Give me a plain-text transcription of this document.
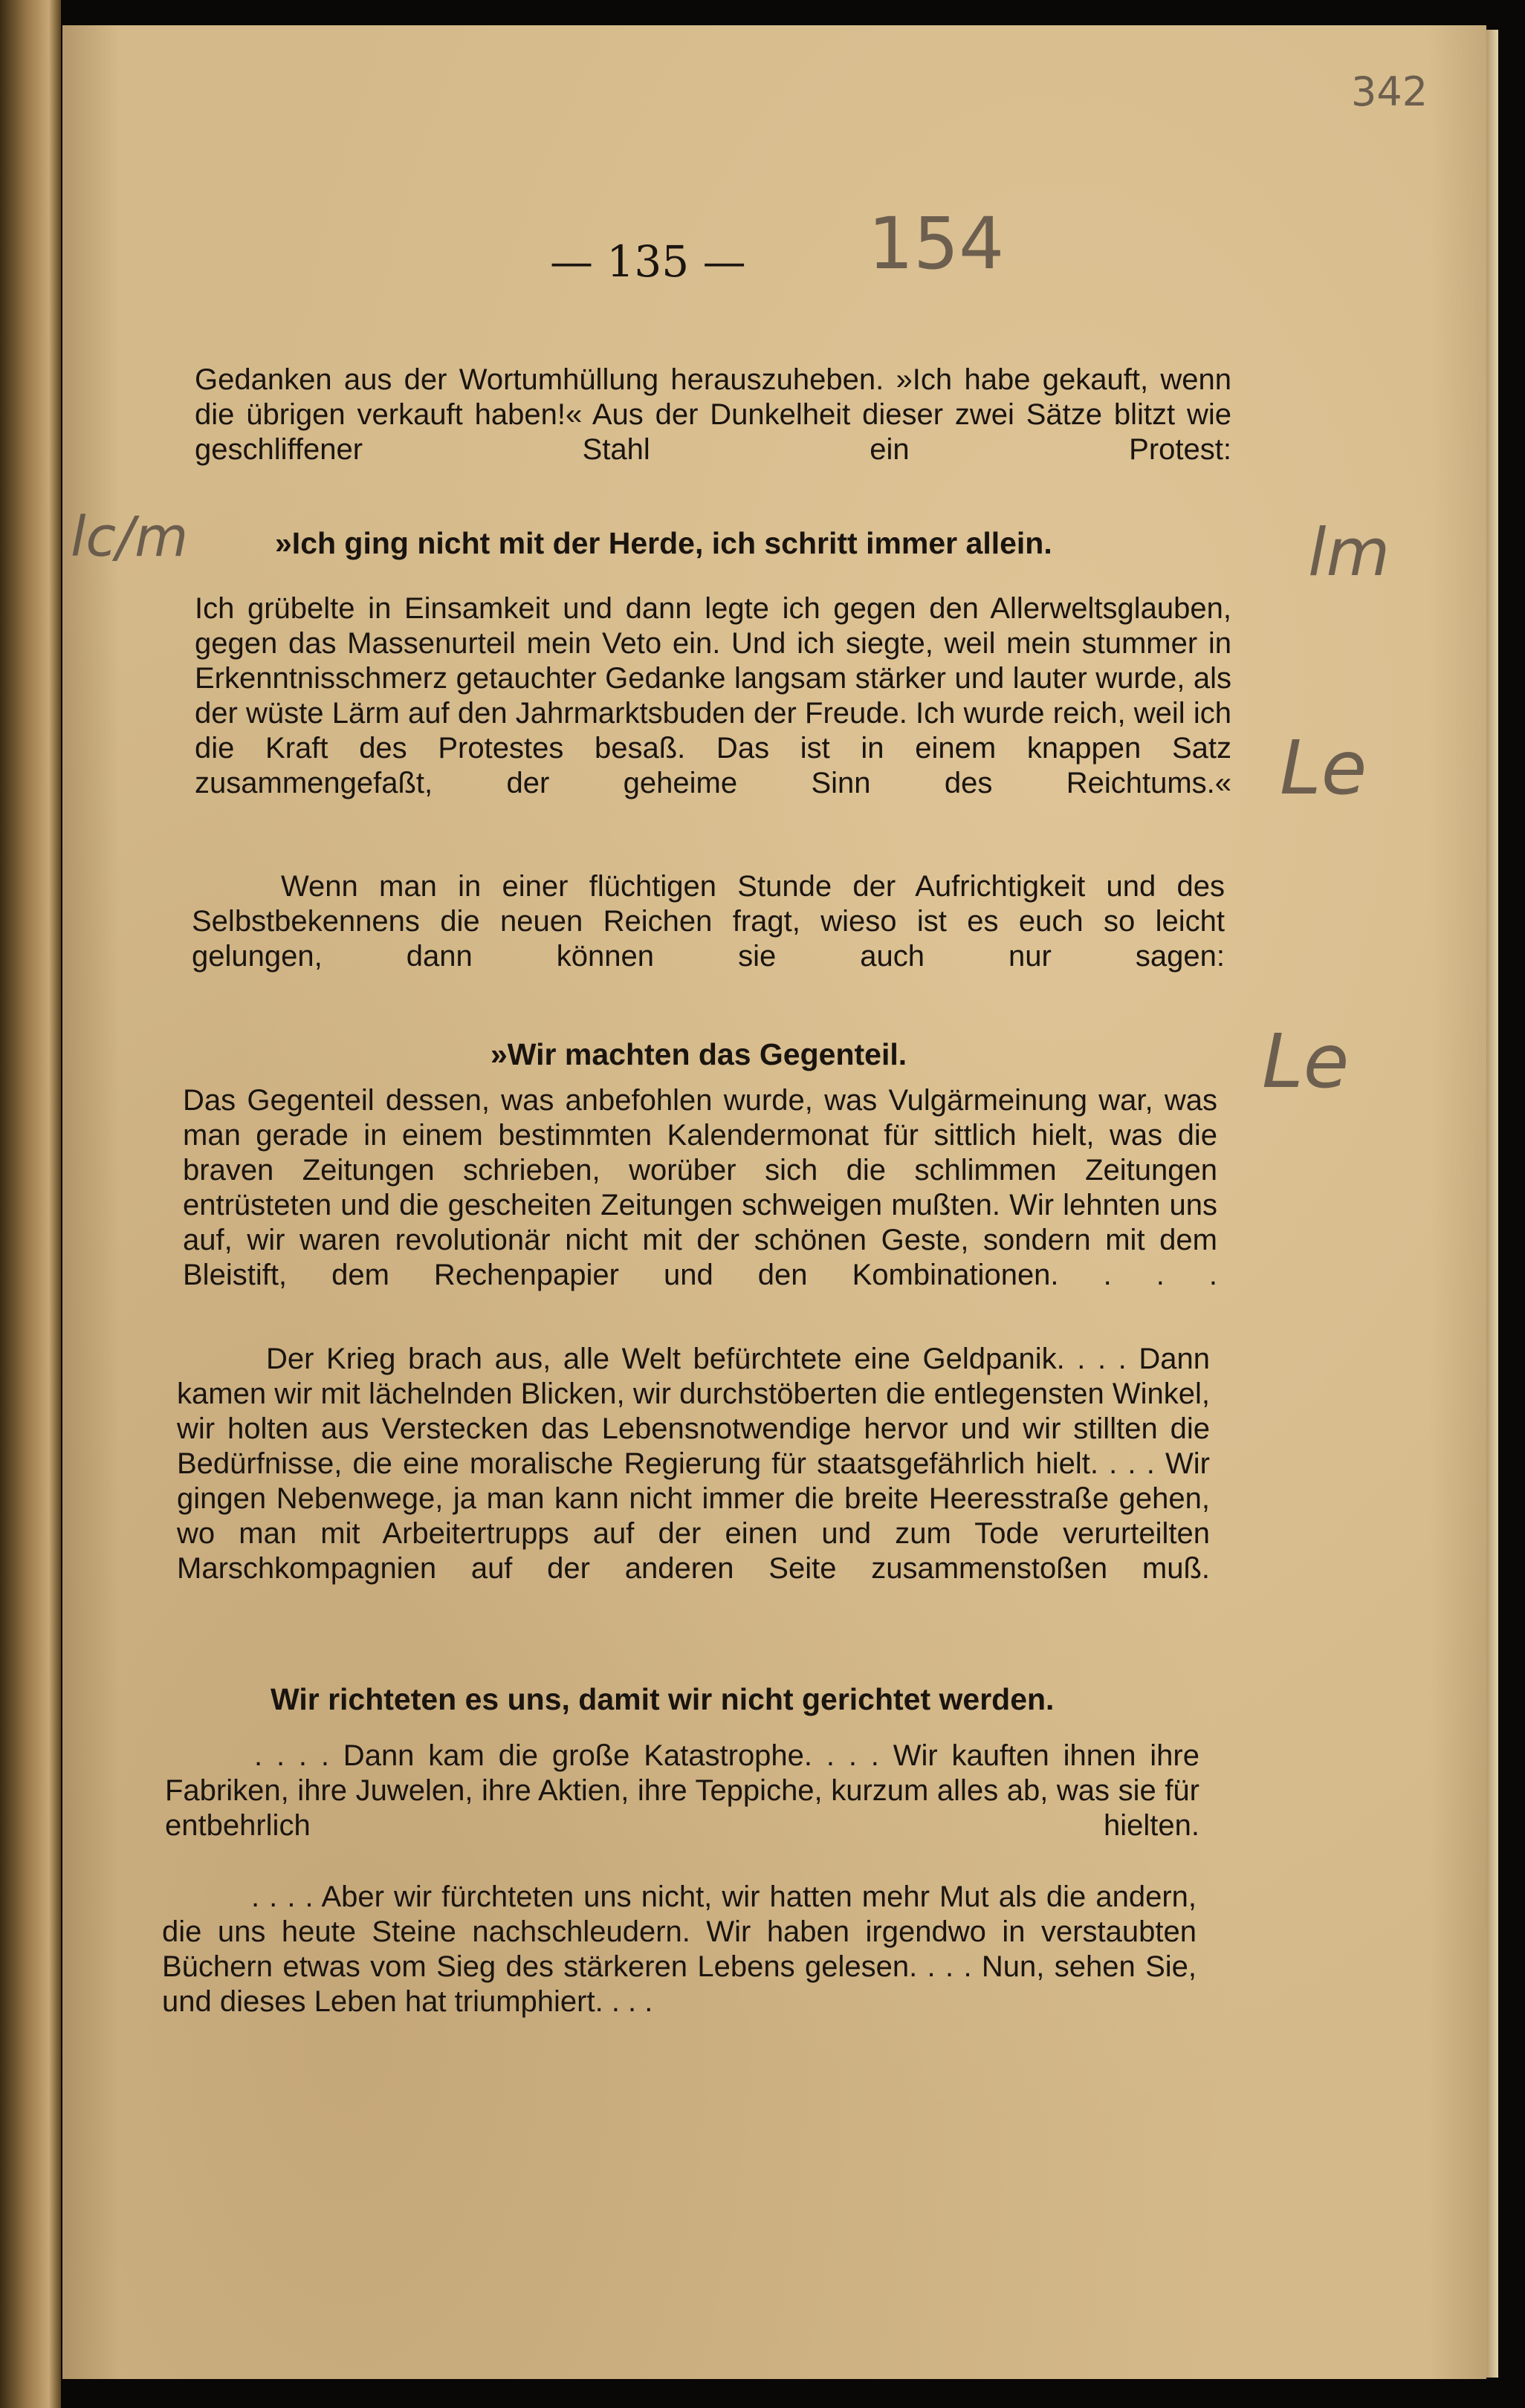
342
— 135 — 154
lc/m	lm
Le
Le

Gedanken aus der Wortumhüllung herauszuheben. »Ich habe gekauft, wenn die übrigen verkauft haben!« Aus der Dunkelheit dieser zwei Sätze blitzt wie geschliffener Stahl ein Protest:

»Ich ging nicht mit der Herde, ich schritt immer allein.

Ich grübelte in Einsamkeit und dann legte ich gegen den Allerweltsglauben, gegen das Massenurteil mein Veto ein. Und ich siegte, weil mein stummer in Erkenntnisschmerz getauchter Gedanke langsam stärker und lauter wurde, als der wüste Lärm auf den Jahrmarktsbuden der Freude. Ich wurde reich, weil ich die Kraft des Protestes besaß. Das ist in einem knappen Satz zusammengefaßt, der geheime Sinn des Reichtums.«

Wenn man in einer flüchtigen Stunde der Aufrichtigkeit und des Selbstbekennens die neuen Reichen fragt, wieso ist es euch so leicht gelungen, dann können sie auch nur sagen:

»Wir machten das Gegenteil.

Das Gegenteil dessen, was anbefohlen wurde, was Vulgärmeinung war, was man gerade in einem bestimmten Kalendermonat für sittlich hielt, was die braven Zeitungen schrieben, worüber sich die schlimmen Zeitungen entrüsteten und die gescheiten Zeitungen schweigen mußten. Wir lehnten uns auf, wir waren revolutionär nicht mit der schönen Geste, sondern mit dem Bleistift, dem Rechenpapier und den Kombinationen. . . .

Der Krieg brach aus, alle Welt befürchtete eine Geldpanik. . . . Dann kamen wir mit lächelnden Blicken, wir durchstöberten die entlegensten Winkel, wir holten aus Verstecken das Lebensnotwendige hervor und wir stillten die Bedürfnisse, die eine moralische Regierung für staatsgefährlich hielt. . . . Wir gingen Nebenwege, ja man kann nicht immer die breite Heeresstraße gehen, wo man mit Arbeitertrupps auf der einen und zum Tode verurteilten Marschkompagnien auf der anderen Seite zusammenstoßen muß.

Wir richteten es uns, damit wir nicht gerichtet werden.

. . . . Dann kam die große Katastrophe. . . . Wir kauften ihnen ihre Fabriken, ihre Juwelen, ihre Aktien, ihre Teppiche, kurzum alles ab, was sie für entbehrlich hielten.

. . . . Aber wir fürchteten uns nicht, wir hatten mehr Mut als die andern, die uns heute Steine nachschleudern. Wir haben irgendwo in verstaubten Büchern etwas vom Sieg des stärkeren Lebens gelesen. . . . Nun, sehen Sie, und dieses Leben hat triumphiert. . . .
